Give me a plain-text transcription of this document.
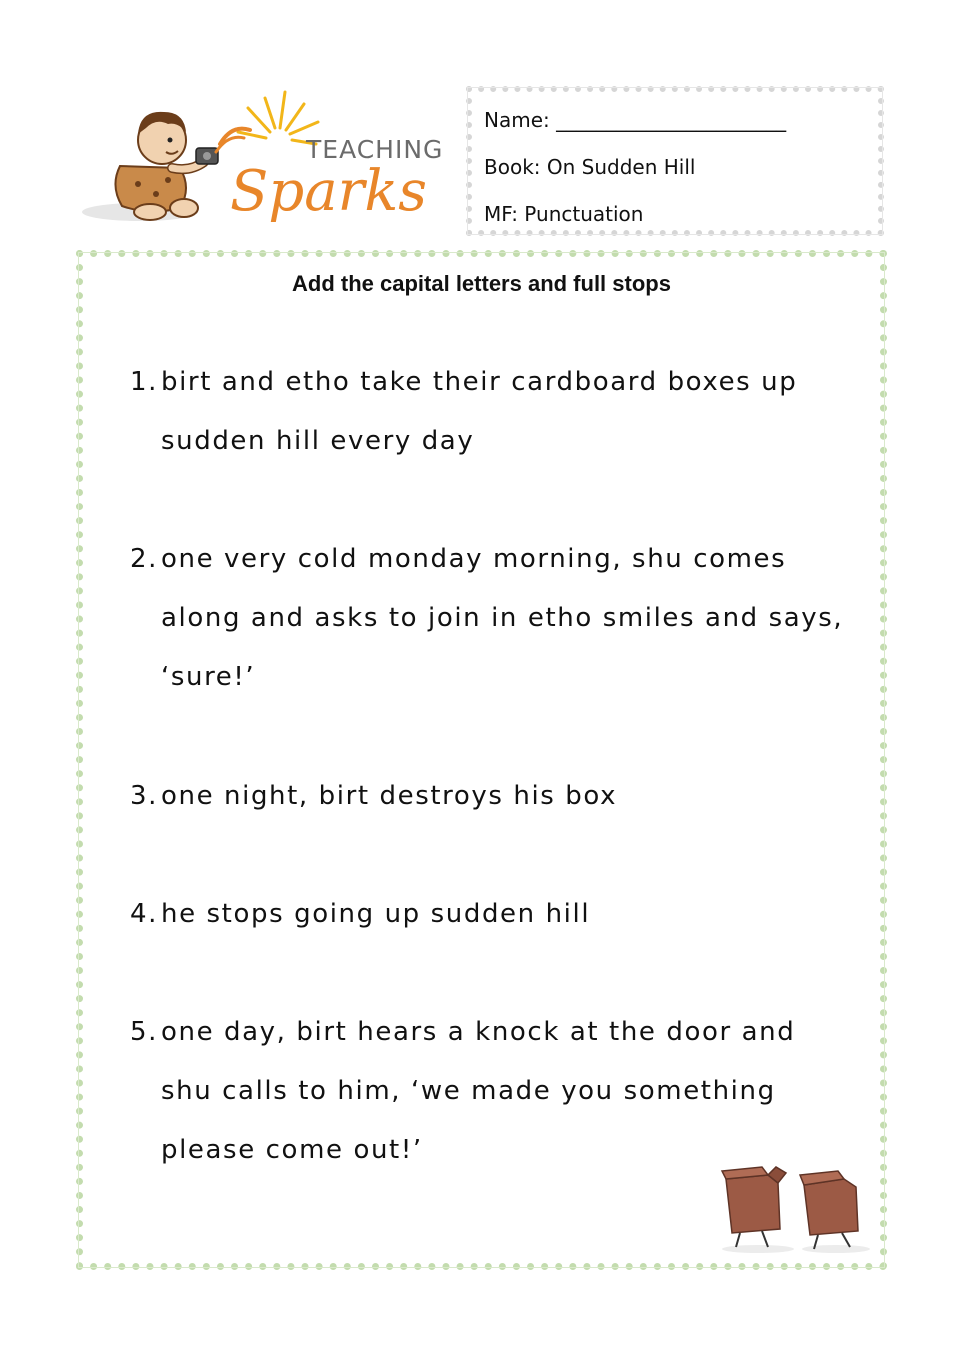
TEACHING
Sparks
Name: _______________________
Book: On Sudden Hill
MF: Punctuation
Add the capital letters and full stops
1. birt and etho take their cardboard boxes up
sudden hill every day
2. one very cold monday morning, shu comes
along and asks to join in etho smiles and says,
‘sure!’
3. one night, birt destroys his box
4. he stops going up sudden hill
5. one day, birt hears a knock at the door and
shu calls to him, ‘we made you something
please come out!’
